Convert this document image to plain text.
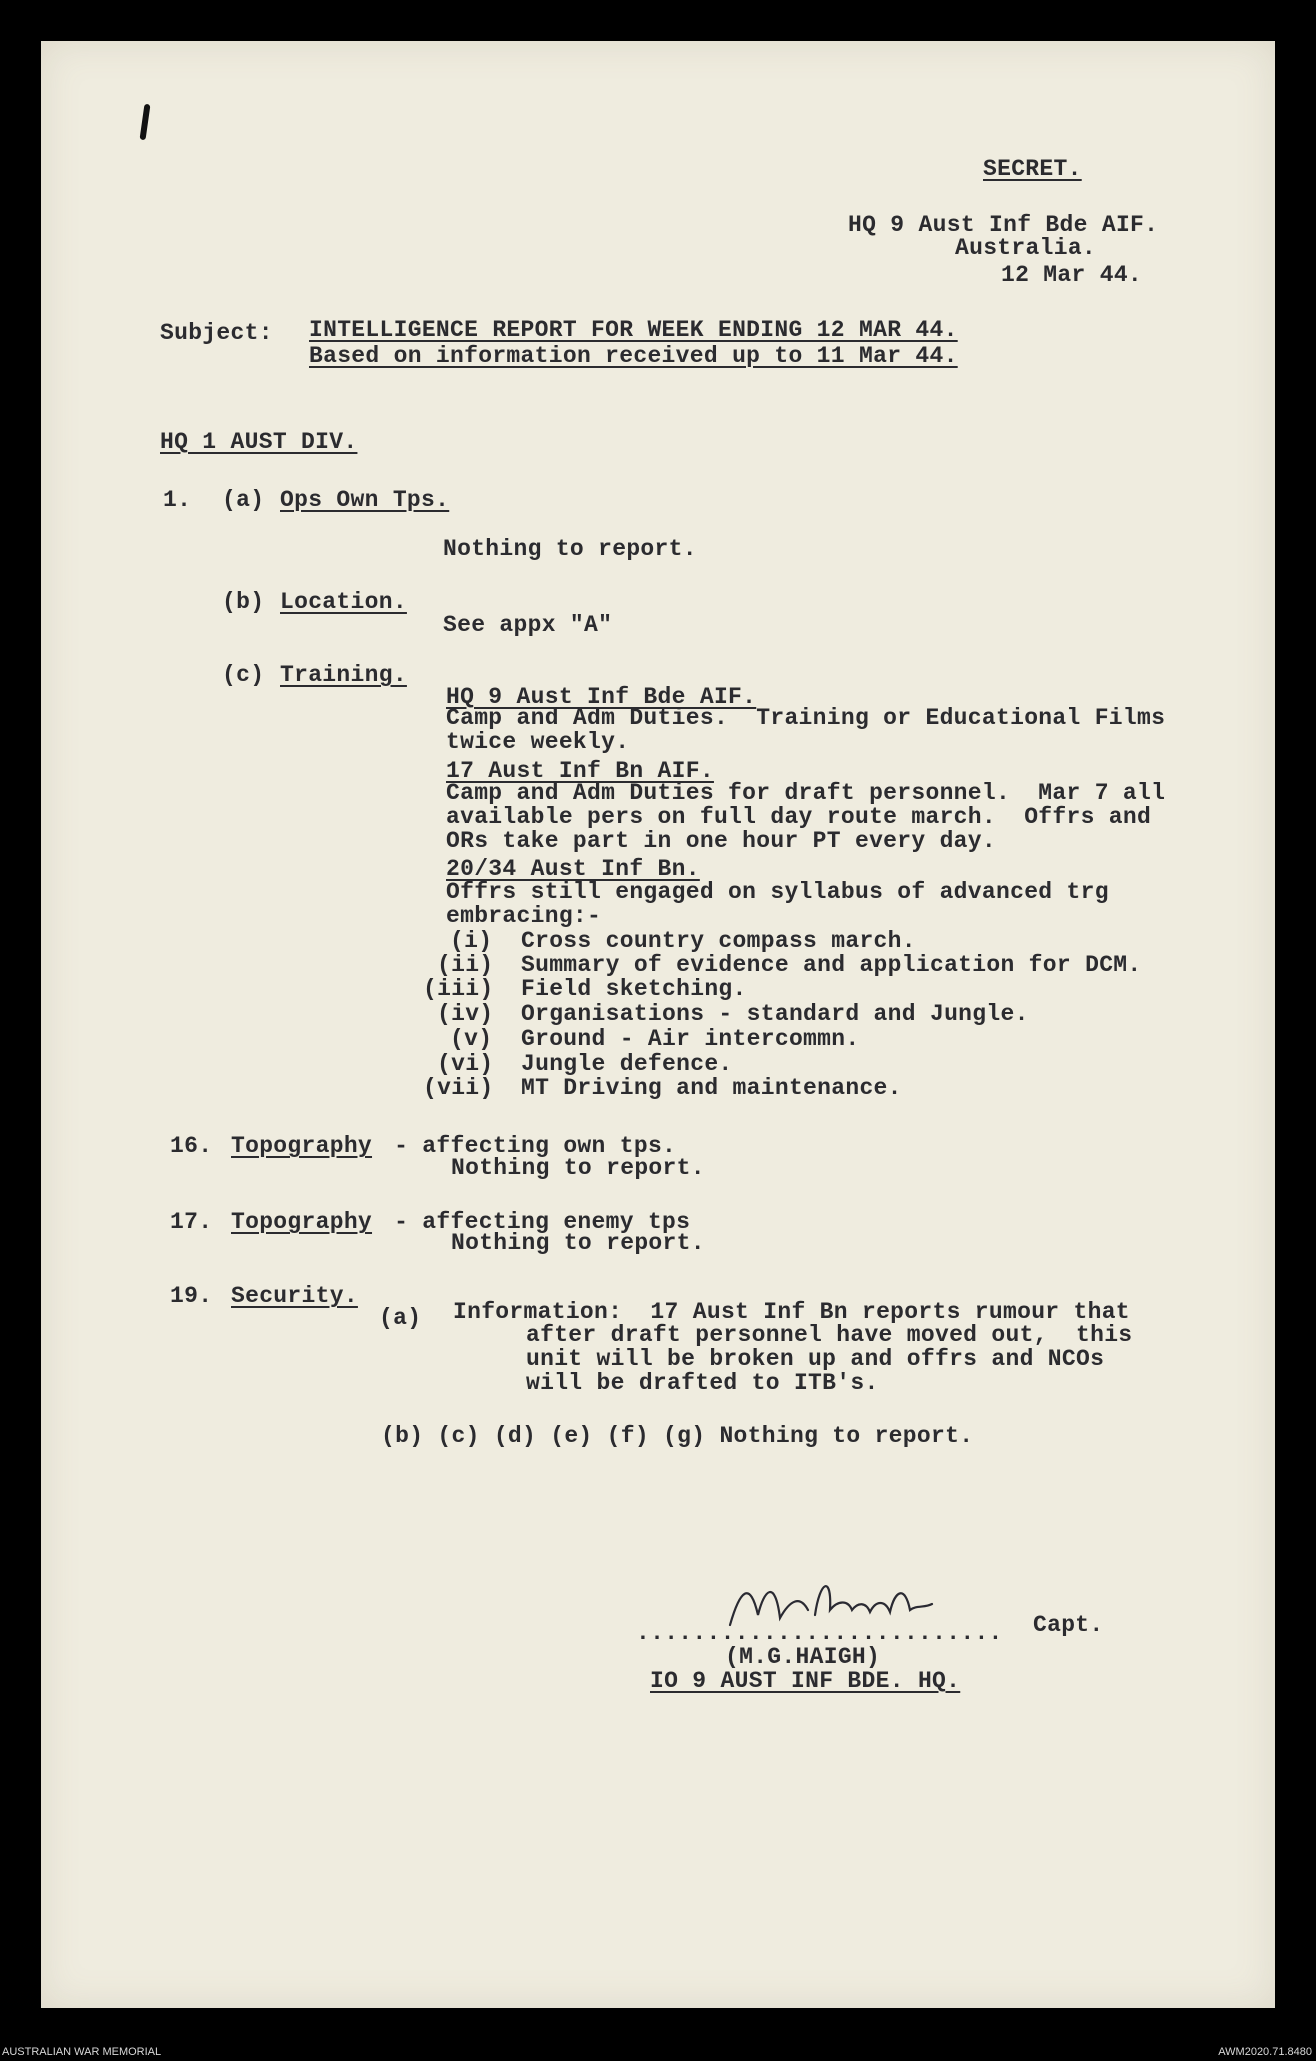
SECRET.
HQ 9 Aust Inf Bde AIF.
Australia.
12 Mar 44.
Subject: INTELLIGENCE REPORT FOR WEEK ENDING 12 MAR 44.
Based on information received up to 11 Mar 44.
HQ 1 AUST DIV.
1. (a) Ops Own Tps.
Nothing to report.
(b) Location.
See appx "A"
(c) Training.
HQ 9 Aust Inf Bde AIF.
Camp and Adm Duties.  Training or Educational Films
twice weekly.
17 Aust Inf Bn AIF.
Camp and Adm Duties for draft personnel.  Mar 7 all
available pers on full day route march.  Offrs and
ORs take part in one hour PT every day.
20/34 Aust Inf Bn.
Offrs still engaged on syllabus of advanced trg
embracing:-
(i) Cross country compass march.
(ii) Summary of evidence and application for DCM.
(iii) Field sketching.
(iv) Organisations - standard and Jungle.
(v) Ground - Air intercommn.
(vi) Jungle defence.
(vii) MT Driving and maintenance.
16. Topography - affecting own tps.
Nothing to report.
17. Topography - affecting enemy tps
Nothing to report.
19. Security.
(a) Information:  17 Aust Inf Bn reports rumour that
after draft personnel have moved out,  this
unit will be broken up and offrs and NCOs
will be drafted to ITB's.
(b) (c) (d) (e) (f) (g) Nothing to report.
.......................... Capt.
(M.G.HAIGH)
IO 9 AUST INF BDE. HQ.
AUSTRALIAN WAR MEMORIAL	AWM2020.71.8480
